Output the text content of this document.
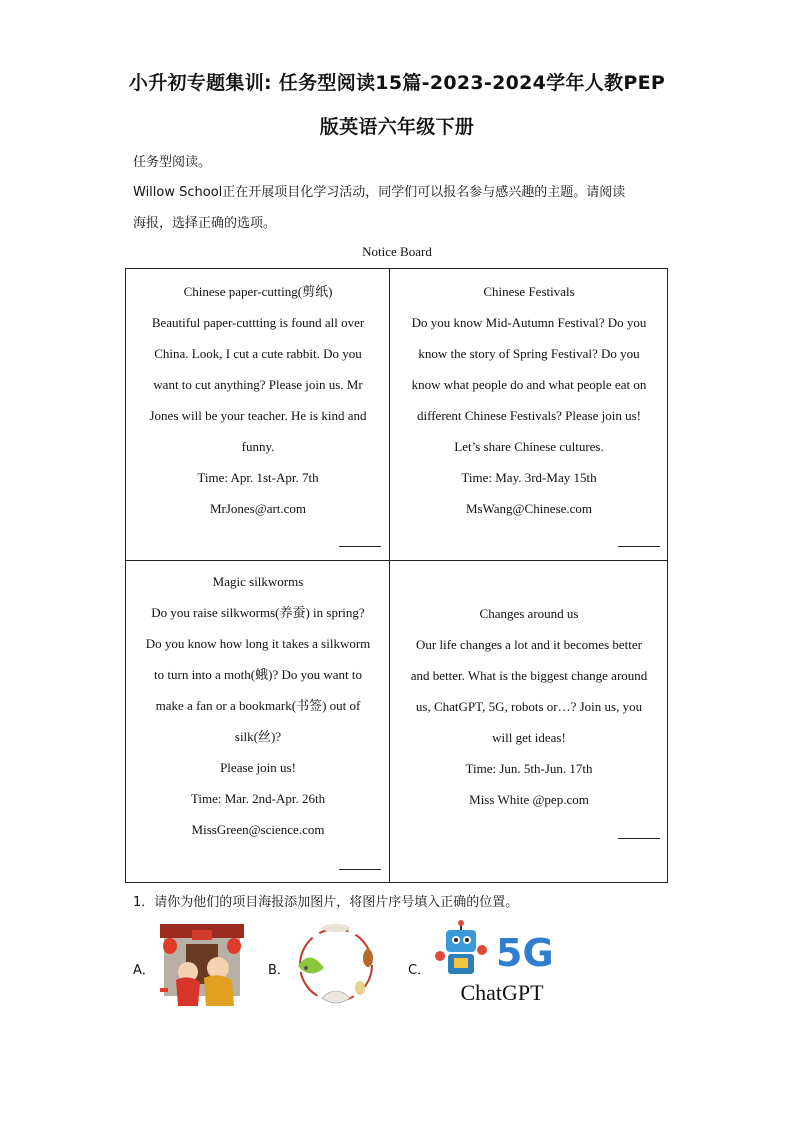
小升初专题集训: 任务型阅读15篇-2023-2024学年人教PEP
版英语六年级下册
任务型阅读。
Willow School正在开展项目化学习活动，同学们可以报名参与感兴趣的主题。请阅读
海报，选择正确的选项。
Notice Board
Chinese paper-cutting(剪纸)
Beautiful paper-cuttting is found all over
China. Look, I cut a cute rabbit. Do you
want to cut anything? Please join us. Mr
Jones will be your teacher. He is kind and
funny.
Time: Apr. 1st-Apr. 7th
MrJones@art.com
Chinese Festivals
Do you know Mid-Autumn Festival? Do you
know the story of Spring Festival? Do you
know what people do and what people eat on
different Chinese Festivals? Please join us!
Let’s share Chinese cultures.
Time: May. 3rd-May 15th
MsWang@Chinese.com
Magic silkworms
Do you raise silkworms(养蚕) in spring?
Do you know how long it takes a silkworm
to turn into a moth(蛾)? Do you want to
make a fan or a bookmark(书签) out of
silk(丝)?
Please join us!
Time: Mar. 2nd-Apr. 26th
MissGreen@science.com
Changes around us
Our life changes a lot and it becomes better
and better. What is the biggest change around
us, ChatGPT, 5G, robots or…? Join us, you
will get ideas!
Time: Jun. 5th-Jun. 17th
Miss White @pep.com
1．请你为他们的项目海报添加图片，将图片序号填入正确的位置。
A．	B．	C． 5G
ChatGPT
